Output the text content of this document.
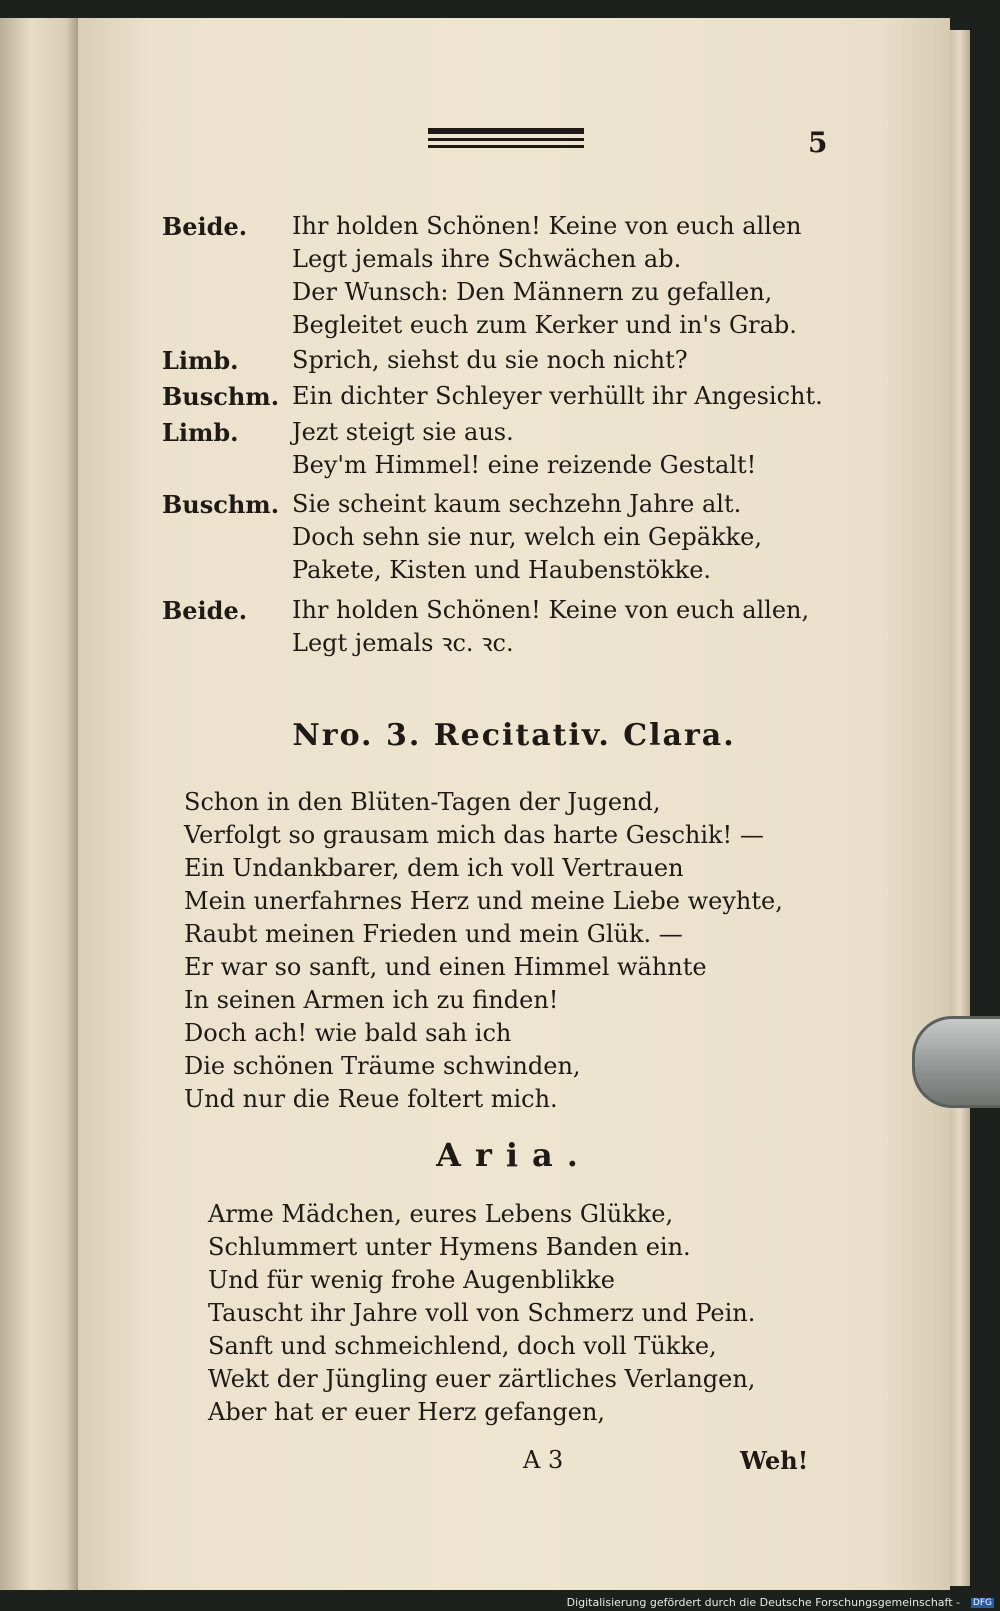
5
Beide.	Ihr holden Schönen! Keine von euch allen
Legt jemals ihre Schwächen ab.
Der Wunsch: Den Männern zu gefallen,
Begleitet euch zum Kerker und in's Grab.
Limb.	Sprich, siehst du sie noch nicht?
Buschm. Ein dichter Schleyer verhüllt ihr Angesicht.
Limb.	Jezt steigt sie aus.
Bey'm Himmel! eine reizende Gestalt!
Buschm. Sie scheint kaum sechzehn Jahre alt.
Doch sehn sie nur, welch ein Gepäkke,
Pakete, Kisten und Haubenstökke.
Beide.	Ihr holden Schönen! Keine von euch allen,
Legt jemals ꝛc. ꝛc.
Nro. 3. Recitativ. Clara.
Schon in den Blüten-Tagen der Jugend,
Verfolgt so grausam mich das harte Geschik! —
Ein Undankbarer, dem ich voll Vertrauen
Mein unerfahrnes Herz und meine Liebe weyhte,
Raubt meinen Frieden und mein Glük. —
Er war so sanft, und einen Himmel wähnte
In seinen Armen ich zu finden!
Doch ach! wie bald sah ich
Die schönen Träume schwinden,
Und nur die Reue foltert mich.
Aria.
Arme Mädchen, eures Lebens Glükke,
Schlummert unter Hymens Banden ein.
Und für wenig frohe Augenblikke
Tauscht ihr Jahre voll von Schmerz und Pein.
Sanft und schmeichlend, doch voll Tükke,
Wekt der Jüngling euer zärtliches Verlangen,
Aber hat er euer Herz gefangen,
A 3	Weh!
Digitalisierung gefördert durch die Deutsche Forschungsgemeinschaft - DFG
